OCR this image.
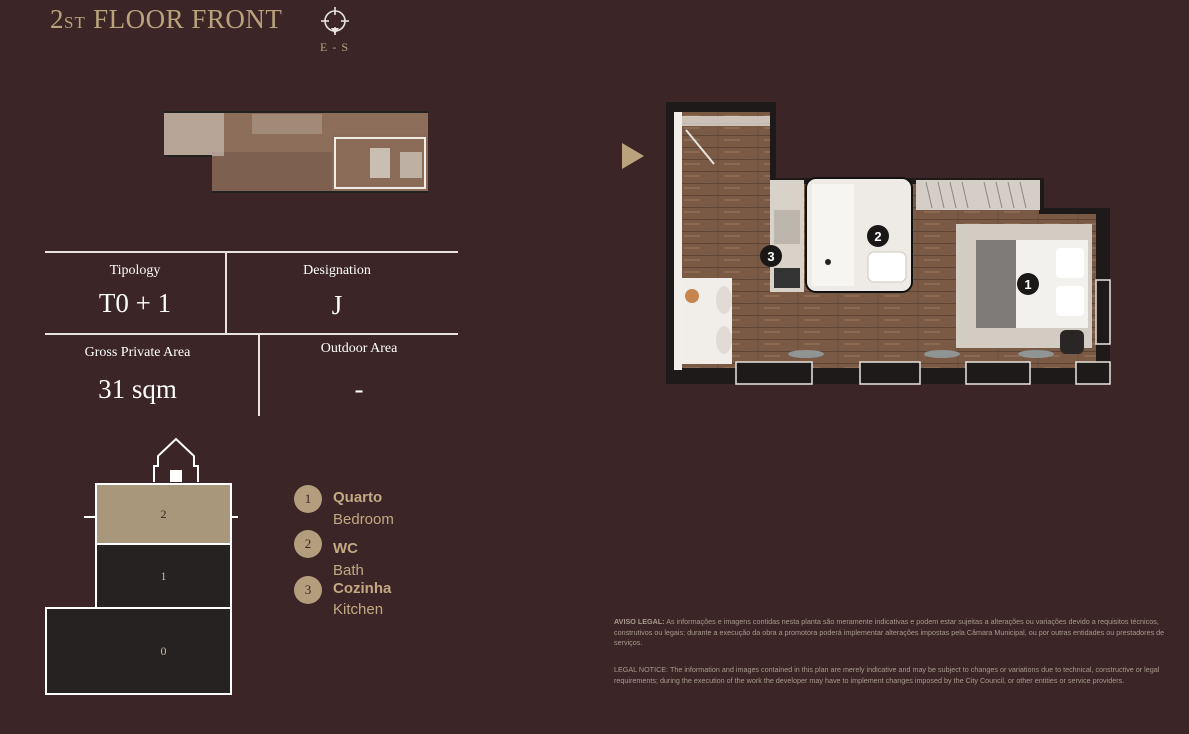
2ST FLOOR FRONT
E - S
Tipology
T0 + 1
Designation
J
Gross Private Area
31 sqm
Outdoor Area
-
2
1
0
1	Quarto
Bedroom
2	WC
Bath
3	Cozinha
Kitchen
1
2
3
AVISO LEGAL: As informações e imagens contidas nesta planta são meramente indicativas e podem estar sujeitas a alterações ou variações devido a requisitos técnicos, construtivos ou legais; durante a execução da obra a promotora poderá implementar alterações impostas pela Câmara Municipal, ou por outras entidades ou prestadores de serviços.
LEGAL NOTICE: The information and images contained in this plan are merely indicative and may be subject to changes or variations due to technical, constructive or legal requirements; during the execution of the work the developer may have to implement changes imposed by the City Council, or other entities or service providers.
